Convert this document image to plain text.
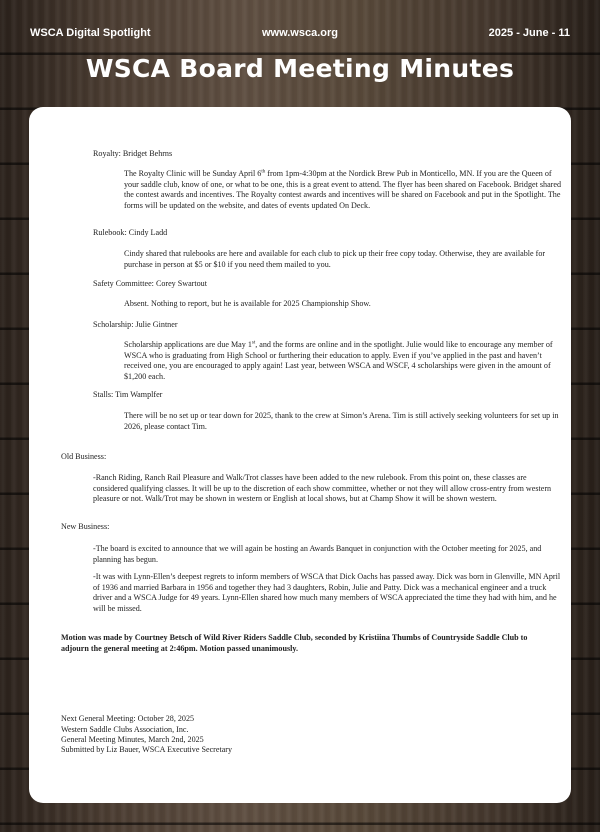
WSCA Digital Spotlight	www.wsca.org	2025 - June - 11
WSCA Board Meeting Minutes

Royalty: Bridget Behrns

The Royalty Clinic will be Sunday April 6th from 1pm-4:30pm at the Nordick Brew Pub in Monticello, MN. If you are the Queen of your saddle club, know of one, or what to be one, this is a great event to attend. The flyer has been shared on Facebook. Bridget shared the contest awards and incentives. The Royalty contest awards and incentives will be shared on Facebook and put in the Spotlight. The forms will be updated on the website, and dates of events updated On Deck.

Rulebook: Cindy Ladd

Cindy shared that rulebooks are here and available for each club to pick up their free copy today. Otherwise, they are available for purchase in person at $5 or $10 if you need them mailed to you.

Safety Committee: Corey Swartout

Absent. Nothing to report, but he is available for 2025 Championship Show.

Scholarship: Julie Gintner

Scholarship applications are due May 1st, and the forms are online and in the spotlight. Julie would like to encourage any member of WSCA who is graduating from High School or furthering their education to apply. Even if you’ve applied in the past and haven’t received one, you are encouraged to apply again! Last year, between WSCA and WSCF, 4 scholarships were given in the amount of $1,200 each.

Stalls: Tim Wamplfer

There will be no set up or tear down for 2025, thank to the crew at Simon’s Arena. Tim is still actively seeking volunteers for set up in 2026, please contact Tim.

Old Business:

-Ranch Riding, Ranch Rail Pleasure and Walk/Trot classes have been added to the new rulebook. From this point on, these classes are considered qualifying classes. It will be up to the discretion of each show committee, whether or not they will allow cross-entry from western pleasure or not. Walk/Trot may be shown in western or English at local shows, but at Champ Show it will be shown western.

New Business:

-The board is excited to announce that we will again be hosting an Awards Banquet in conjunction with the October meeting for 2025, and planning has begun.

-It was with Lynn-Ellen’s deepest regrets to inform members of WSCA that Dick Oachs has passed away. Dick was born in Glenville, MN April of 1936 and married Barbara in 1956 and together they had 3 daughters, Robin, Julie and Patty. Dick was a mechanical engineer and a truck driver and a WSCA Judge for 49 years. Lynn-Ellen shared how much many members of WSCA appreciated the time they had with him, and he will be missed.

Motion was made by Courtney Betsch of Wild River Riders Saddle Club, seconded by Kristiina Thumbs of Countryside Saddle Club to adjourn the general meeting at 2:46pm. Motion passed unanimously.

Next General Meeting: October 28, 2025

Western Saddle Clubs Association, Inc.

General Meeting Minutes, March 2nd, 2025

Submitted by Liz Bauer, WSCA Executive Secretary
